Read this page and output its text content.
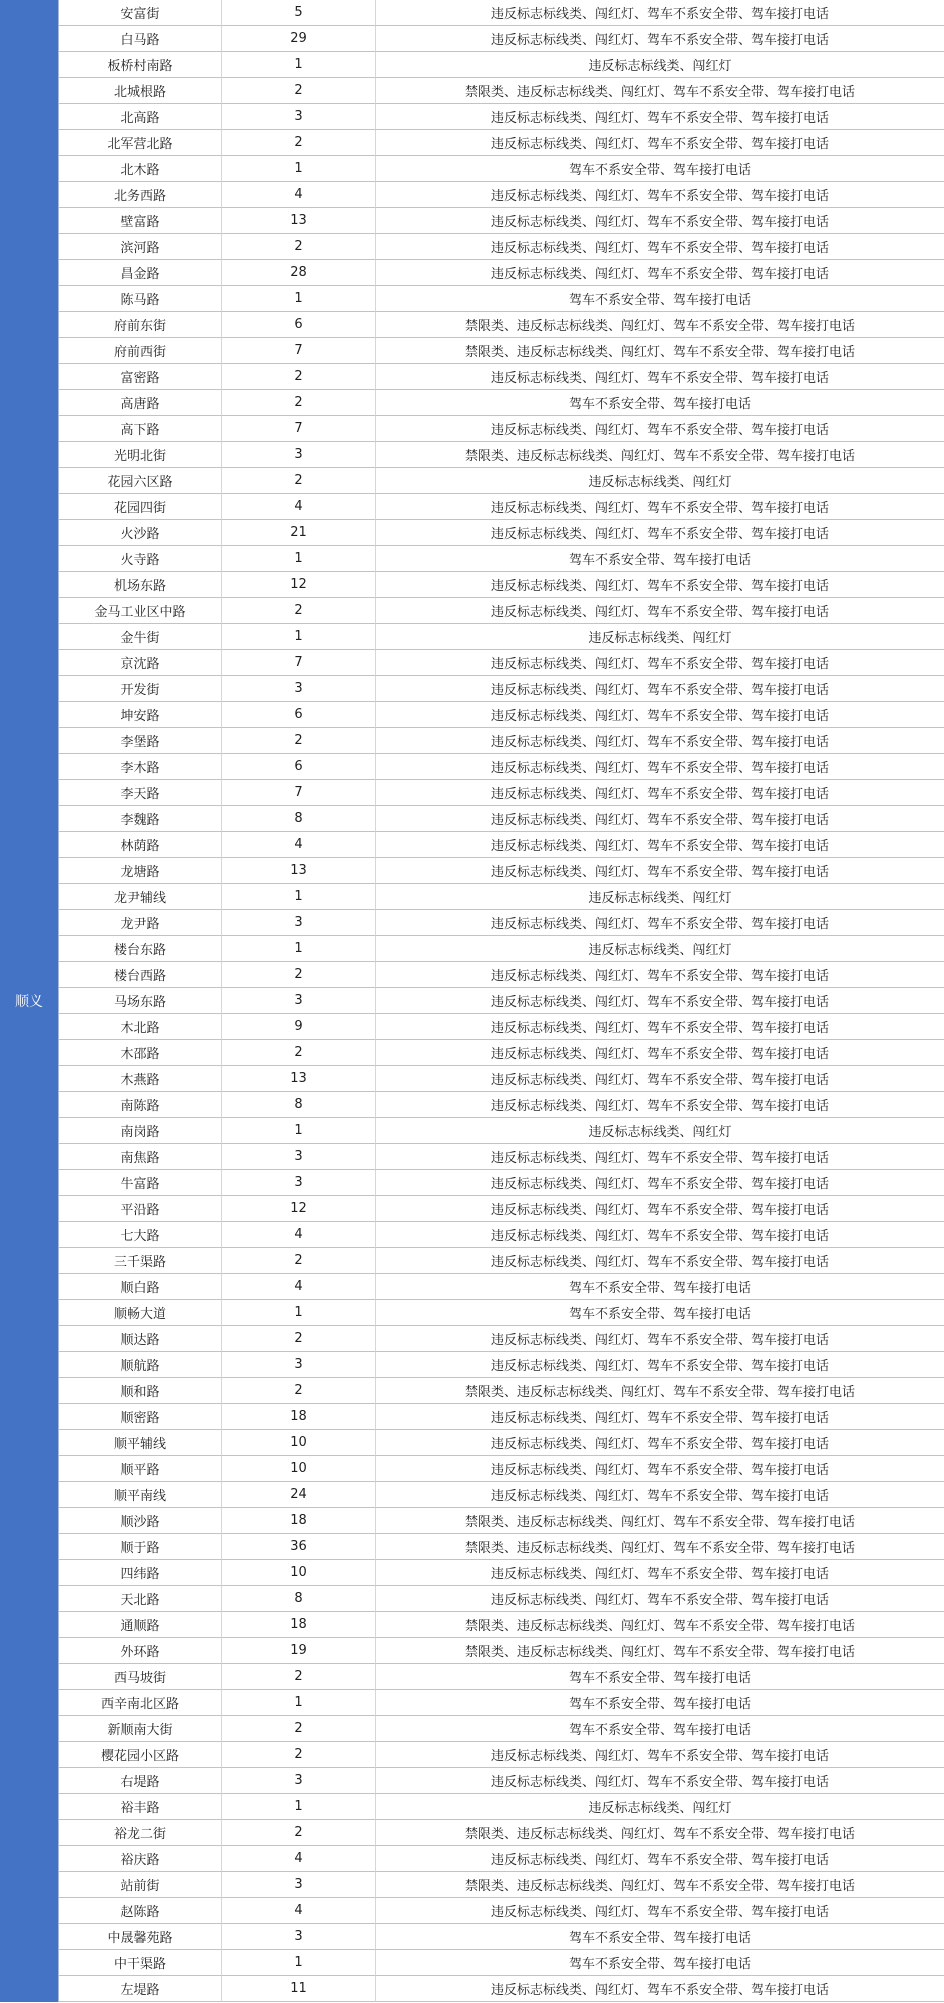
顺义
安富街	5	违反标志标线类、闯红灯、驾车不系安全带、驾车接打电话
白马路	29	违反标志标线类、闯红灯、驾车不系安全带、驾车接打电话
板桥村南路	1	违反标志标线类、闯红灯
北城根路	2	禁限类、违反标志标线类、闯红灯、驾车不系安全带、驾车接打电话
北高路	3	违反标志标线类、闯红灯、驾车不系安全带、驾车接打电话
北军营北路	2	违反标志标线类、闯红灯、驾车不系安全带、驾车接打电话
北木路	1	驾车不系安全带、驾车接打电话
北务西路	4	违反标志标线类、闯红灯、驾车不系安全带、驾车接打电话
壁富路	13	违反标志标线类、闯红灯、驾车不系安全带、驾车接打电话
滨河路	2	违反标志标线类、闯红灯、驾车不系安全带、驾车接打电话
昌金路	28	违反标志标线类、闯红灯、驾车不系安全带、驾车接打电话
陈马路	1	驾车不系安全带、驾车接打电话
府前东街	6	禁限类、违反标志标线类、闯红灯、驾车不系安全带、驾车接打电话
府前西街	7	禁限类、违反标志标线类、闯红灯、驾车不系安全带、驾车接打电话
富密路	2	违反标志标线类、闯红灯、驾车不系安全带、驾车接打电话
高唐路	2	驾车不系安全带、驾车接打电话
高下路	7	违反标志标线类、闯红灯、驾车不系安全带、驾车接打电话
光明北街	3	禁限类、违反标志标线类、闯红灯、驾车不系安全带、驾车接打电话
花园六区路	2	违反标志标线类、闯红灯
花园四街	4	违反标志标线类、闯红灯、驾车不系安全带、驾车接打电话
火沙路	21	违反标志标线类、闯红灯、驾车不系安全带、驾车接打电话
火寺路	1	驾车不系安全带、驾车接打电话
机场东路	12	违反标志标线类、闯红灯、驾车不系安全带、驾车接打电话
金马工业区中路	2	违反标志标线类、闯红灯、驾车不系安全带、驾车接打电话
金牛街	1	违反标志标线类、闯红灯
京沈路	7	违反标志标线类、闯红灯、驾车不系安全带、驾车接打电话
开发街	3	违反标志标线类、闯红灯、驾车不系安全带、驾车接打电话
坤安路	6	违反标志标线类、闯红灯、驾车不系安全带、驾车接打电话
李堡路	2	违反标志标线类、闯红灯、驾车不系安全带、驾车接打电话
李木路	6	违反标志标线类、闯红灯、驾车不系安全带、驾车接打电话
李天路	7	违反标志标线类、闯红灯、驾车不系安全带、驾车接打电话
李魏路	8	违反标志标线类、闯红灯、驾车不系安全带、驾车接打电话
林荫路	4	违反标志标线类、闯红灯、驾车不系安全带、驾车接打电话
龙塘路	13	违反标志标线类、闯红灯、驾车不系安全带、驾车接打电话
龙尹辅线	1	违反标志标线类、闯红灯
龙尹路	3	违反标志标线类、闯红灯、驾车不系安全带、驾车接打电话
楼台东路	1	违反标志标线类、闯红灯
楼台西路	2	违反标志标线类、闯红灯、驾车不系安全带、驾车接打电话
马场东路	3	违反标志标线类、闯红灯、驾车不系安全带、驾车接打电话
木北路	9	违反标志标线类、闯红灯、驾车不系安全带、驾车接打电话
木邵路	2	违反标志标线类、闯红灯、驾车不系安全带、驾车接打电话
木燕路	13	违反标志标线类、闯红灯、驾车不系安全带、驾车接打电话
南陈路	8	违反标志标线类、闯红灯、驾车不系安全带、驾车接打电话
南岗路	1	违反标志标线类、闯红灯
南焦路	3	违反标志标线类、闯红灯、驾车不系安全带、驾车接打电话
牛富路	3	违反标志标线类、闯红灯、驾车不系安全带、驾车接打电话
平沿路	12	违反标志标线类、闯红灯、驾车不系安全带、驾车接打电话
七大路	4	违反标志标线类、闯红灯、驾车不系安全带、驾车接打电话
三千渠路	2	违反标志标线类、闯红灯、驾车不系安全带、驾车接打电话
顺白路	4	驾车不系安全带、驾车接打电话
顺畅大道	1	驾车不系安全带、驾车接打电话
顺达路	2	违反标志标线类、闯红灯、驾车不系安全带、驾车接打电话
顺航路	3	违反标志标线类、闯红灯、驾车不系安全带、驾车接打电话
顺和路	2	禁限类、违反标志标线类、闯红灯、驾车不系安全带、驾车接打电话
顺密路	18	违反标志标线类、闯红灯、驾车不系安全带、驾车接打电话
顺平辅线	10	违反标志标线类、闯红灯、驾车不系安全带、驾车接打电话
顺平路	10	违反标志标线类、闯红灯、驾车不系安全带、驾车接打电话
顺平南线	24	违反标志标线类、闯红灯、驾车不系安全带、驾车接打电话
顺沙路	18	禁限类、违反标志标线类、闯红灯、驾车不系安全带、驾车接打电话
顺于路	36	禁限类、违反标志标线类、闯红灯、驾车不系安全带、驾车接打电话
四纬路	10	违反标志标线类、闯红灯、驾车不系安全带、驾车接打电话
天北路	8	违反标志标线类、闯红灯、驾车不系安全带、驾车接打电话
通顺路	18	禁限类、违反标志标线类、闯红灯、驾车不系安全带、驾车接打电话
外环路	19	禁限类、违反标志标线类、闯红灯、驾车不系安全带、驾车接打电话
西马坡街	2	驾车不系安全带、驾车接打电话
西辛南北区路	1	驾车不系安全带、驾车接打电话
新顺南大街	2	驾车不系安全带、驾车接打电话
樱花园小区路	2	违反标志标线类、闯红灯、驾车不系安全带、驾车接打电话
右堤路	3	违反标志标线类、闯红灯、驾车不系安全带、驾车接打电话
裕丰路	1	违反标志标线类、闯红灯
裕龙二街	2	禁限类、违反标志标线类、闯红灯、驾车不系安全带、驾车接打电话
裕庆路	4	违反标志标线类、闯红灯、驾车不系安全带、驾车接打电话
站前街	3	禁限类、违反标志标线类、闯红灯、驾车不系安全带、驾车接打电话
赵陈路	4	违反标志标线类、闯红灯、驾车不系安全带、驾车接打电话
中晟馨苑路	3	驾车不系安全带、驾车接打电话
中干渠路	1	驾车不系安全带、驾车接打电话
左堤路	11	违反标志标线类、闯红灯、驾车不系安全带、驾车接打电话
